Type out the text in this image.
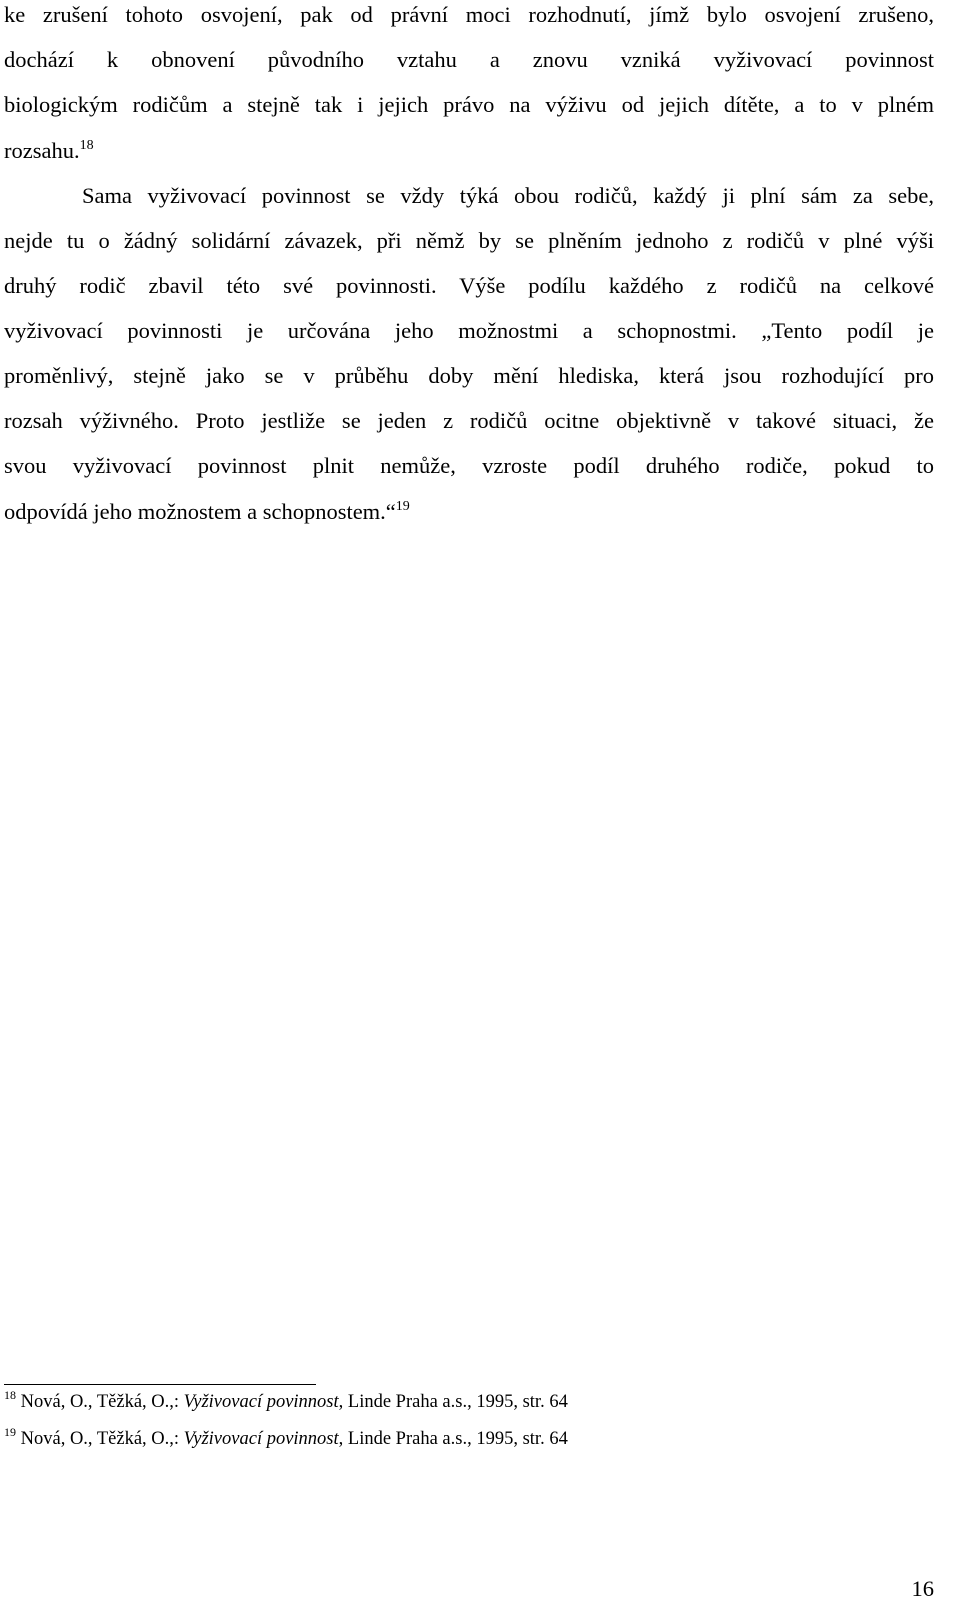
ke zrušení tohoto osvojení, pak od právní moci rozhodnutí, jímž bylo osvojení zrušeno,
dochází k obnovení původního vztahu a znovu vzniká vyživovací povinnost
biologickým rodičům a stejně tak i jejich právo na výživu od jejich dítěte, a to v plném
rozsahu.$^{18}$
Sama vyživovací povinnost se vždy týká obou rodičů, každý ji plní sám za sebe,
nejde tu o žádný solidární závazek, při němž by se plněním jednoho z rodičů v plné výši
druhý rodič zbavil této své povinnosti. Výše podílu každého z rodičů na celkové
vyživovací povinnosti je určována jeho možnostmi a schopnostmi. „Tento podíl je
proměnlivý, stejně jako se v průběhu doby mění hlediska, která jsou rozhodující pro
rozsah výživného. Proto jestliže se jeden z rodičů ocitne objektivně v takové situaci, že
svou vyživovací povinnost plnit nemůže, vzroste podíl druhého rodiče, pokud to
odpovídá jeho možnostem a schopnostem.“$^{19}$
$^{18}$ Nová, O., Těžká, O.,: Vyživovací povinnost, Linde Praha a.s., 1995, str. 64
$^{19}$ Nová, O., Těžká, O.,: Vyživovací povinnost, Linde Praha a.s., 1995, str. 64
16
